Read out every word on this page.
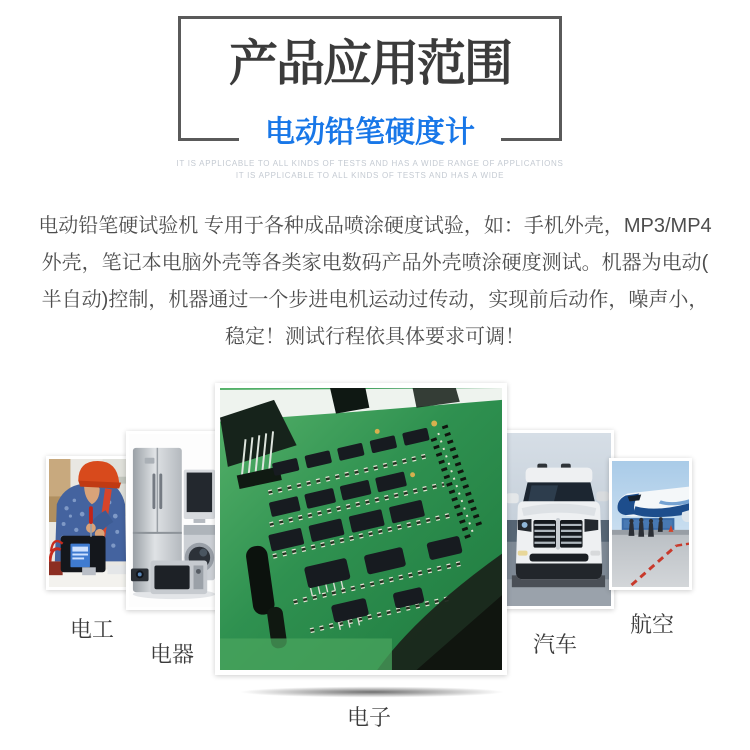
产品应用范围
电动铅笔硬度计
IT IS APPLICABLE TO ALL KINDS OF TESTS AND HAS A WIDE RANGE OF APPLICATIONS
IT IS APPLICABLE TO ALL KINDS OF TESTS AND HAS A WIDE
电动铅笔硬试验机 专用于各种成品喷涂硬度试验，如：手机外壳，MP3/MP4
外壳，笔记本电脑外壳等各类家电数码产品外壳喷涂硬度测试。机器为电动(
半自动)控制，机器通过一个步进电机运动过传动，实现前后动作，噪声小，
稳定！测试行程依具体要求可调！
电工
电器
电子
汽车
航空
